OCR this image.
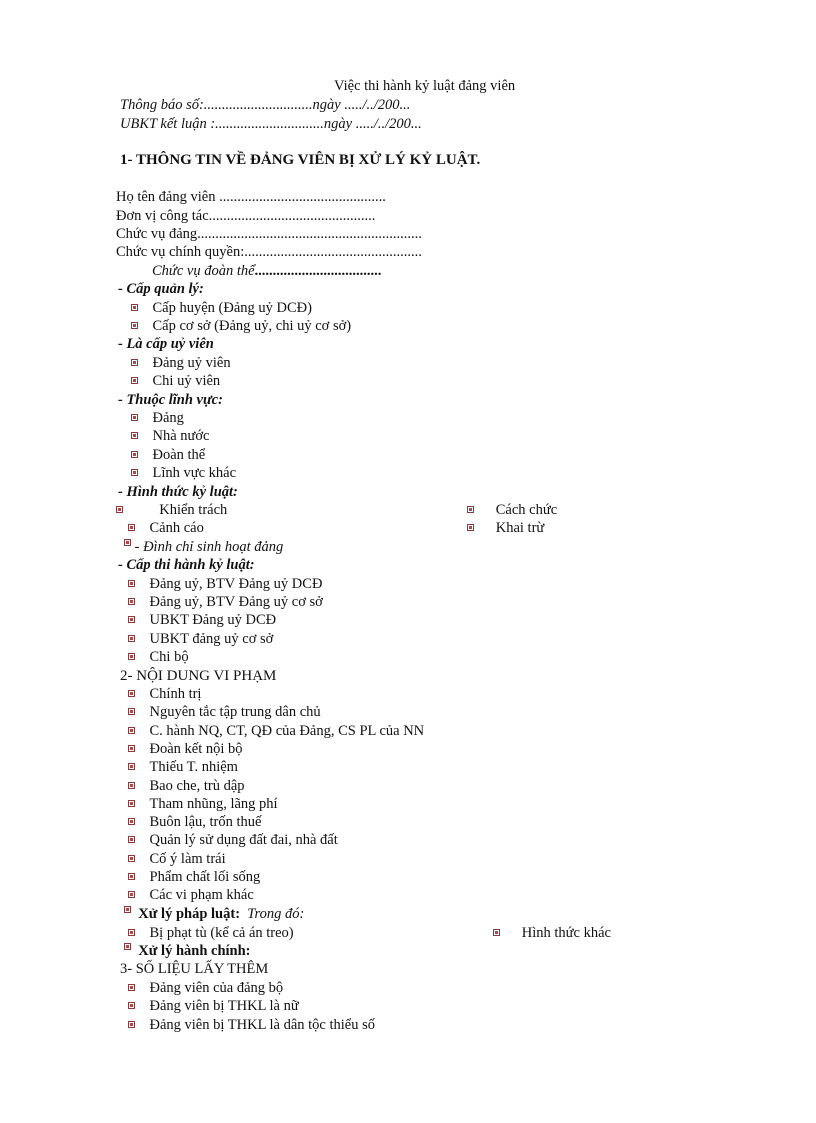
Việc thi hành kỷ luật đảng viên
Thông báo số:..............................ngày ...../../200...
UBKT kết luận :..............................ngày ...../../200...
1- THÔNG TIN VỀ ĐẢNG VIÊN BỊ XỬ LÝ KỶ LUẬT.
Họ tên đảng viên ..............................................
Đơn vị công tác..............................................
Chức vụ đảng..............................................................
Chức vụ chính quyền:.................................................
Chức vụ đoàn thể...................................
- Cấp quản lý:
Cấp huyện (Đảng uỷ DCĐ)
Cấp cơ sở (Đảng uỷ, chi uỷ cơ sở)
- Là cấp uỷ viên
Đảng uỷ viên
Chi uỷ viên
- Thuộc lĩnh vực:
Đảng
Nhà nước
Đoàn thể
Lĩnh vực khác
- Hình thức kỷ luật:
Khiển trách
Cảnh cáo
Cách chức
Khai trừ
- Đình chỉ sinh hoạt đảng
- Cấp thi hành kỷ luật:
Đảng uỷ, BTV Đảng uỷ DCĐ
Đảng uỷ, BTV Đảng uỷ cơ sở
UBKT Đảng uỷ DCĐ
UBKT đảng uỷ cơ sở
Chi bộ
2- NỘI DUNG VI PHẠM
Chính trị
Nguyên tắc tập trung dân chủ
C. hành NQ, CT, QĐ của Đảng, CS PL của NN
Đoàn kết nội bộ
Thiếu T. nhiệm
Bao che, trù dập
Tham nhũng, lãng phí
Buôn lậu, trốn thuế
Quản lý sử dụng đất đai, nhà đất
Cố ý làm trái
Phẩm chất lối sống
Các vi phạm khác
Xử lý pháp luật: Trong đó:
Bị phạt tù (kể cả án treo)	Hình thức khác
Xử lý hành chính:
3- SỐ LIỆU LẤY THÊM
Đảng viên của đảng bộ
Đảng viên bị THKL là nữ
Đảng viên bị THKL là dân tộc thiểu số
